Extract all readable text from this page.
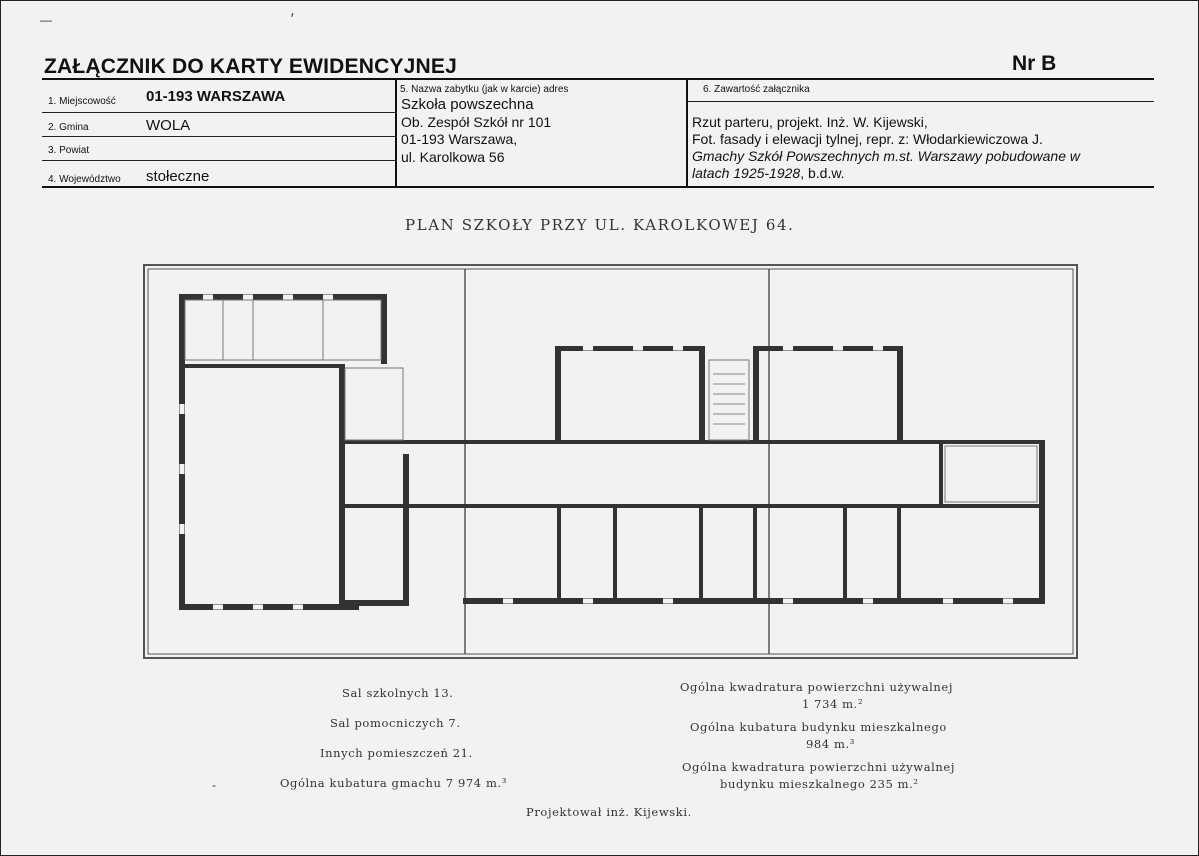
—	׳
ZAŁĄCZNIK DO KARTY EWIDENCYJNEJ	Nr B
1. Miejscowość 01-193 WARSZAWA
2. Gmina	WOLA
3. Powiat
4. Województwo stołeczne
5. Nazwa zabytku (jak w karcie) adres
Szkoła powszechna
Ob. Zespół Szkół nr 101
01-193 Warszawa,
ul. Karolkowa 56
6. Zawartość załącznika
Rzut parteru, projekt. Inż. W. Kijewski,
Fot. fasady i elewacji tylnej, repr. z: Włodarkiewiczowa J.
Gmachy Szkół Powszechnych m.st. Warszawy pobudowane w
latach 1925-1928, b.d.w.
PLAN SZKOŁY PRZY UL. KAROLKOWEJ 64.
Sal szkolnych 13.
Sal pomocniczych 7.
Innych pomieszczeń 21.
Ogólna kubatura gmachu 7 974 m.³
Ogólna kwadratura powierzchni używalnej
1 734 m.²
Ogólna kubatura budynku mieszkalnego
984 m.³
Ogólna kwadratura powierzchni używalnej
budynku mieszkalnego 235 m.²
-
Projektował inż. Kijewski.
